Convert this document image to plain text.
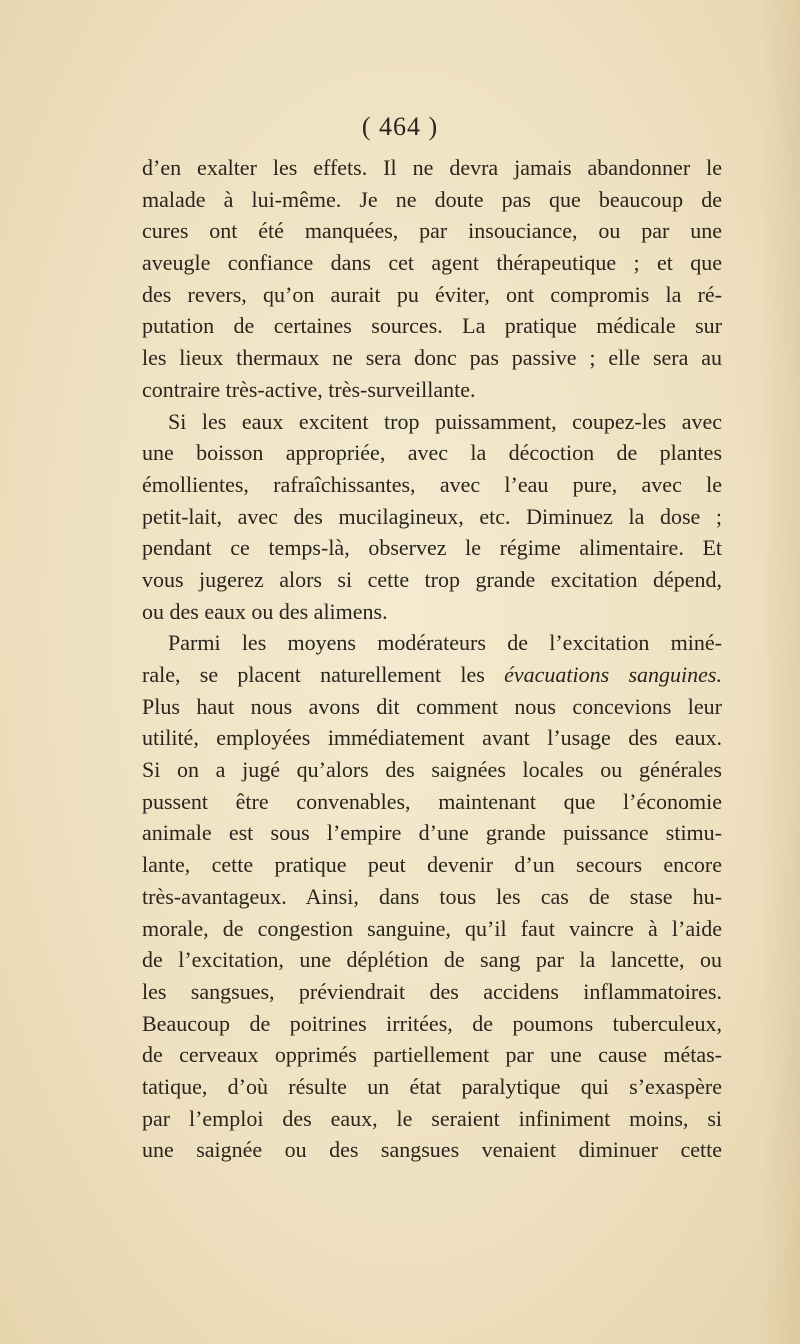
( 464 )
d’en exalter les effets. Il ne devra jamais abandonner le
malade à lui-même. Je ne doute pas que beaucoup de
cures ont été manquées, par insouciance, ou par une
aveugle confiance dans cet agent thérapeutique ; et que
des revers, qu’on aurait pu éviter, ont compromis la ré-
putation de certaines sources. La pratique médicale sur
les lieux thermaux ne sera donc pas passive ; elle sera au
contraire très-active, très-surveillante.
Si les eaux excitent trop puissamment, coupez-les avec
une boisson appropriée, avec la décoction de plantes
émollientes, rafraîchissantes, avec l’eau pure, avec le
petit-lait, avec des mucilagineux, etc. Diminuez la dose ;
pendant ce temps-là, observez le régime alimentaire. Et
vous jugerez alors si cette trop grande excitation dépend,
ou des eaux ou des alimens.
Parmi les moyens modérateurs de l’excitation miné-
rale, se placent naturellement les évacuations sanguines.
Plus haut nous avons dit comment nous concevions leur
utilité, employées immédiatement avant l’usage des eaux.
Si on a jugé qu’alors des saignées locales ou générales
pussent être convenables, maintenant que l’économie
animale est sous l’empire d’une grande puissance stimu-
lante, cette pratique peut devenir d’un secours encore
très-avantageux. Ainsi, dans tous les cas de stase hu-
morale, de congestion sanguine, qu’il faut vaincre à l’aide
de l’excitation, une déplétion de sang par la lancette, ou
les sangsues, préviendrait des accidens inflammatoires.
Beaucoup de poitrines irritées, de poumons tuberculeux,
de cerveaux opprimés partiellement par une cause métas-
tatique, d’où résulte un état paralytique qui s’exaspère
par l’emploi des eaux, le seraient infiniment moins, si
une saignée ou des sangsues venaient diminuer cette
